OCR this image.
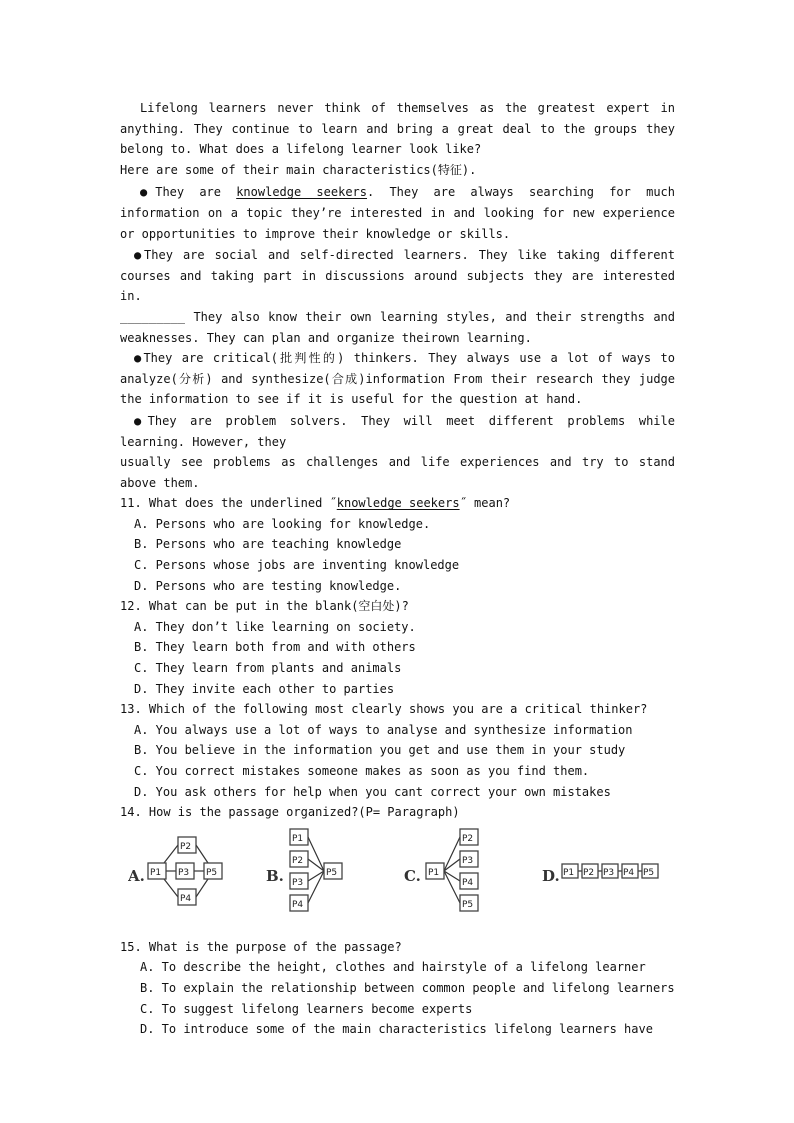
Lifelong learners never think of themselves as the greatest expert in anything. They continue to learn and bring a great deal to the groups they belong to. What does a lifelong learner look like?
Here are some of their main characteristics(特征).
●They are knowledge seekers. They are always searching for much information on a topic they’re interested in and looking for new experience or opportunities to improve their knowledge or skills.
●They are social and self-directed learners. They like taking different courses and taking part in discussions around subjects they are interested in.
_________ They also know their own learning styles, and their strengths and weaknesses. They can plan and organize theirown learning.
●They are critical(批判性的) thinkers. They always use a lot of ways to analyze(分析) and synthesize(合成)information From their research they judge the information to see if it is useful for the question at hand.
●They are problem solvers. They will meet different problems while learning. However, they
usually see problems as challenges and life experiences and try to stand above them.
11. What does the underlined ˝knowledge seekers˝ mean?
A. Persons who are looking for knowledge.
B. Persons who are teaching knowledge
C. Persons whose jobs are inventing knowledge
D. Persons who are testing knowledge.
12. What can be put in the blank(空白处)?
A. They don’t like learning on society.
B. They learn both from and with others
C. They learn from plants and animals
D. They invite each other to parties
13. Which of the following most clearly shows you are a critical thinker?
A. You always use a lot of ways to analyse and synthesize information
B. You believe in the information you get and use them in your study
C. You correct mistakes someone makes as soon as you find them.
D. You ask others for help when you cant correct your own mistakes
14. How is the passage organized?(P= Paragraph)
A. P1
P2
P3
P4
P5	B.
P1
P2
P3
P4
P5	C. P1
P2
P3
P4
P5
D. P1 P2 P3 P4 P5
15. What is the purpose of the passage?
A. To describe the height, clothes and hairstyle of a lifelong learner
B. To explain the relationship between common people and lifelong learners
C. To suggest lifelong learners become experts
D. To introduce some of the main characteristics lifelong learners have
